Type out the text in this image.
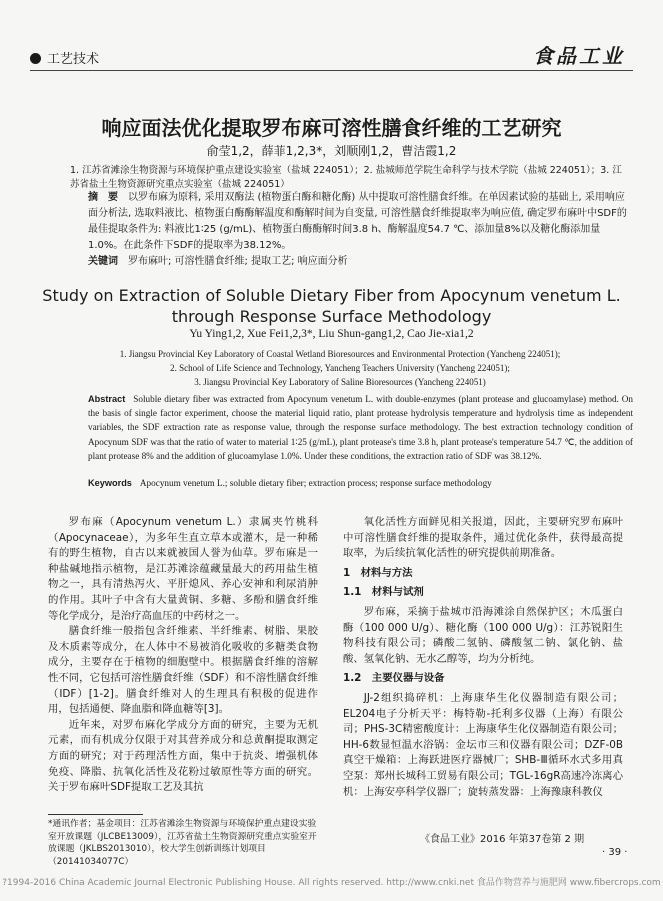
工艺技术	食品工业
响应面法优化提取罗布麻可溶性膳食纤维的工艺研究
俞莹1,2，薛菲1,2,3*，刘顺刚1,2，曹洁霞1,2
1. 江苏省滩涂生物资源与环境保护重点建设实验室（盐城 224051）；2. 盐城师范学院生命科学与技术学院（盐城 224051）；3. 江苏省盐土生物资源研究重点实验室（盐城 224051）
摘　要 以罗布麻为原料, 采用双酶法 (植物蛋白酶和糖化酶) 从中提取可溶性膳食纤维。在单因素试验的基础上, 采用响应面分析法, 选取料液比、植物蛋白酶酶解温度和酶解时间为自变量, 可溶性膳食纤维提取率为响应值, 确定罗布麻叶中SDF的最佳提取条件为: 料液比1∶25 (g/mL)、植物蛋白酶酶解时间3.8 h、酶解温度54.7 ℃、添加量8%以及糖化酶添加量1.0%。在此条件下SDF的提取率为38.12%。
关键词 罗布麻叶; 可溶性膳食纤维; 提取工艺; 响应面分析
Study on Extraction of Soluble Dietary Fiber from Apocynum venetum L.
through Response Surface Methodology
Yu Ying1,2, Xue Fei1,2,3*, Liu Shun-gang1,2, Cao Jie-xia1,2
1. Jiangsu Provincial Key Laboratory of Coastal Wetland Bioresources and Environmental Protection (Yancheng 224051);
2. School of Life Science and Technology, Yancheng Teachers University (Yancheng 224051);
3. Jiangsu Provincial Key Laboratory of Saline Bioresources (Yancheng 224051)
Abstract Soluble dietary fiber was extracted from Apocynum venetum L. with double-enzymes (plant protease and glucoamylase) method. On the basis of single factor experiment, choose the material liquid ratio, plant protease hydrolysis temperature and hydrolysis time as independent variables, the SDF extraction rate as response value, through the response surface methodology. The best extraction technology condition of Apocynum SDF was that the ratio of water to material 1∶25 (g/mL), plant protease's time 3.8 h, plant protease's temperature 54.7 ℃, the addition of plant protease 8% and the addition of glucoamylase 1.0%. Under these conditions, the extraction ratio of SDF was 38.12%.
Keywords Apocynum venetum L.; soluble dietary fiber; extraction process; response surface methodology

罗布麻（Apocynum venetum L.）隶属夹竹桃科（Apocynaceae），为多年生直立草本或灌木，是一种稀有的野生植物，自古以来就被国人誉为仙草。罗布麻是一种盐碱地指示植物，是江苏滩涂蕴藏量最大的药用盐生植物之一，具有清热泻火、平肝熄风、养心安神和利尿消肿的作用。其叶子中含有大量黄铜、多糖、多酚和膳食纤维等化学成分，是治疗高血压的中药材之一。

膳食纤维一般指包含纤维素、半纤维素、树脂、果胶及木质素等成分，在人体中不易被消化吸收的多糖类食物成分，主要存在于植物的细胞壁中。根据膳食纤维的溶解性不同，它包括可溶性膳食纤维（SDF）和不溶性膳食纤维（IDF）[1-2]。膳食纤维对人的生理具有积极的促进作用，包括通便、降血脂和降血糖等[3]。

近年来，对罗布麻化学成分方面的研究，主要为无机元素，而有机成分仅限于对其营养成分和总黄酮提取测定方面的研究；对于药理活性方面，集中于抗炎、增强机体免疫、降脂、抗氧化活性及花粉过敏原性等方面的研究。关于罗布麻叶SDF提取工艺及其抗

氧化活性方面鲜见相关报道，因此，主要研究罗布麻叶中可溶性膳食纤维的提取条件，通过优化条件，获得最高提取率，为后续抗氧化活性的研究提供前期准备。

1　材料与方法

1.1　材料与试剂

罗布麻，采摘于盐城市沿海滩涂自然保护区；木瓜蛋白酶（100 000 U/g）、糖化酶（100 000 U/g）：江苏锐阳生物科技有限公司；磷酸二氢钠、磷酸氢二钠、氯化钠、盐酸、氢氧化钠、无水乙醇等，均为分析纯。

1.2　主要仪器与设备

JJ-2组织捣碎机：上海康华生化仪器制造有限公司；EL204电子分析天平：梅特勒-托利多仪器（上海）有限公司；PHS-3C精密酸度计：上海康华生化仪器制造有限公司；HH-6数显恒温水浴锅：金坛市三和仪器有限公司；DZF-0B真空干燥箱：上海跃进医疗器械厂；SHB-Ⅲ循环水式多用真空泵：郑州长城科工贸易有限公司；TGL-16gR高速冷冻离心机：上海安亭科学仪器厂；旋转蒸发器：上海豫康科教仪

*通讯作者；基金项目：江苏省滩涂生物资源与环境保护重点建设实验室开放课题（JLCBE13009），江苏省盐土生物资源研究重点实验室开放课题（JKLBS2013010），校大学生创新训练计划项目（20141034077C）
《食品工业》2016 年第37卷第 2 期
· 39 ·
?1994-2016 China Academic Journal Electronic Publishing House. All rights reserved. http://www.cnki.net 食品作物营养与施肥网 www.fibercrops.com
